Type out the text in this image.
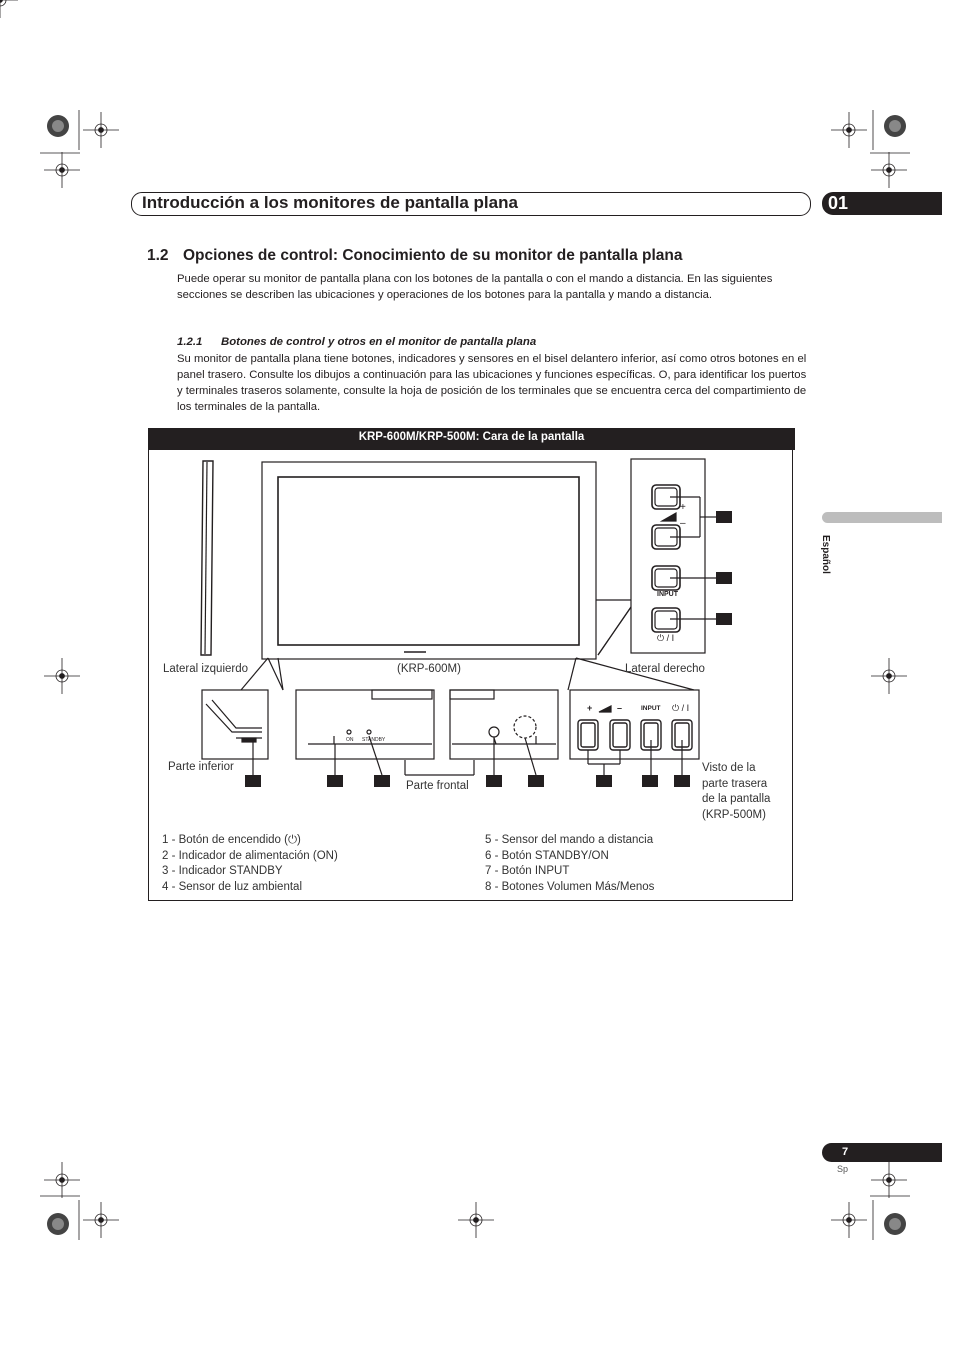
Introducción a los monitores de pantalla plana	01
Español
1.2 Opciones de control: Conocimiento de su monitor de pantalla plana
Puede operar su monitor de pantalla plana con los botones de la pantalla o con el mando a distancia. En las siguientes secciones se describen las ubicaciones y operaciones de los botones para la pantalla y mando a distancia.
1.2.1 Botones de control y otros en el monitor de pantalla plana
Su monitor de pantalla plana tiene botones, indicadores y sensores en el bisel delantero inferior, así como otros botones en el panel trasero. Consulte los dibujos a continuación para las ubicaciones y funciones específicas. O, para identificar los puertos y terminales traseros solamente, consulte la hoja de posición de los terminales que se encuentra cerca del compartimiento de los terminales de la pantalla.
KRP-600M/KRP-500M: Cara de la pantalla
+
–
INPUT
⏻ / I
ON STANDBY
+	–	INPUT ⏻ / I
Lateral izquierdo	(KRP-600M)	Lateral derecho
Parte inferior
Parte frontal
Visto de la
parte trasera
de la pantalla
(KRP-500M)
1 - Botón de encendido (⏻)
2 - Indicador de alimentación (ON)
3 - Indicador STANDBY
4 - Sensor de luz ambiental
5 - Sensor del mando a distancia
6 - Botón STANDBY/ON
7 - Botón INPUT
8 - Botones Volumen Más/Menos
7
Sp
